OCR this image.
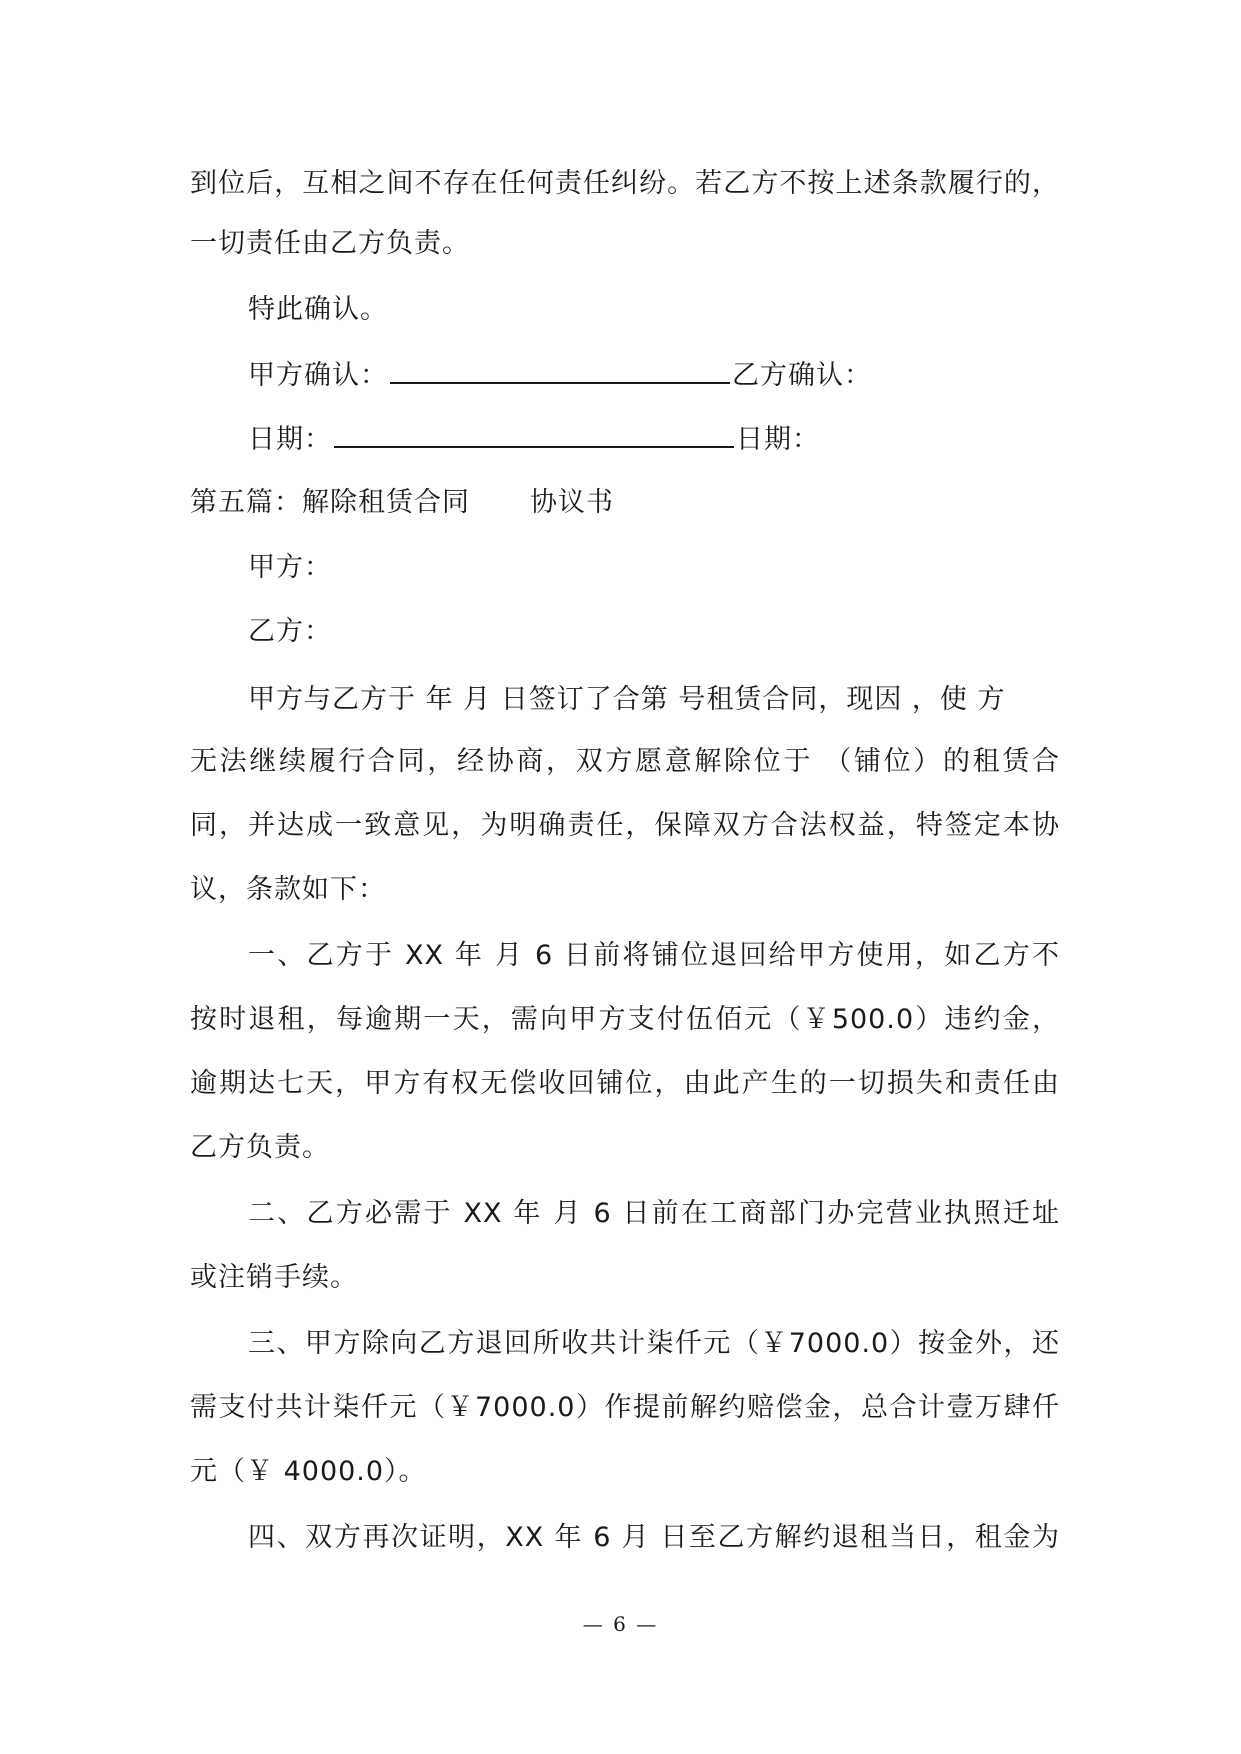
到位后，互相之间不存在任何责任纠纷。若乙方不按上述条款履行的，
一切责任由乙方负责。
特此确认。
甲方确认：	乙方确认：
日期：	日期：
第五篇：解除租赁合同 协议书
甲方：
乙方：
甲方与乙方于 年 月 日签订了合第 号租赁合同，现因 ，使 方
无法继续履行合同，经协商，双方愿意解除位于 （铺位）的租赁合
同，并达成一致意见，为明确责任，保障双方合法权益，特签定本协
议，条款如下：
一、乙方于 XX 年 月 6 日前将铺位退回给甲方使用，如乙方不
按时退租，每逾期一天，需向甲方支付伍佰元（￥500.0）违约金，
逾期达七天，甲方有权无偿收回铺位，由此产生的一切损失和责任由
乙方负责。
二、乙方必需于 XX 年 月 6 日前在工商部门办完营业执照迁址
或注销手续。
三、甲方除向乙方退回所收共计柒仟元（￥7000.0）按金外，还
需支付共计柒仟元（￥7000.0）作提前解约赔偿金，总合计壹万肆仟
元（￥ 4000.0）。
四、双方再次证明，XX 年 6 月 日至乙方解约退租当日，租金为
— 6 —
